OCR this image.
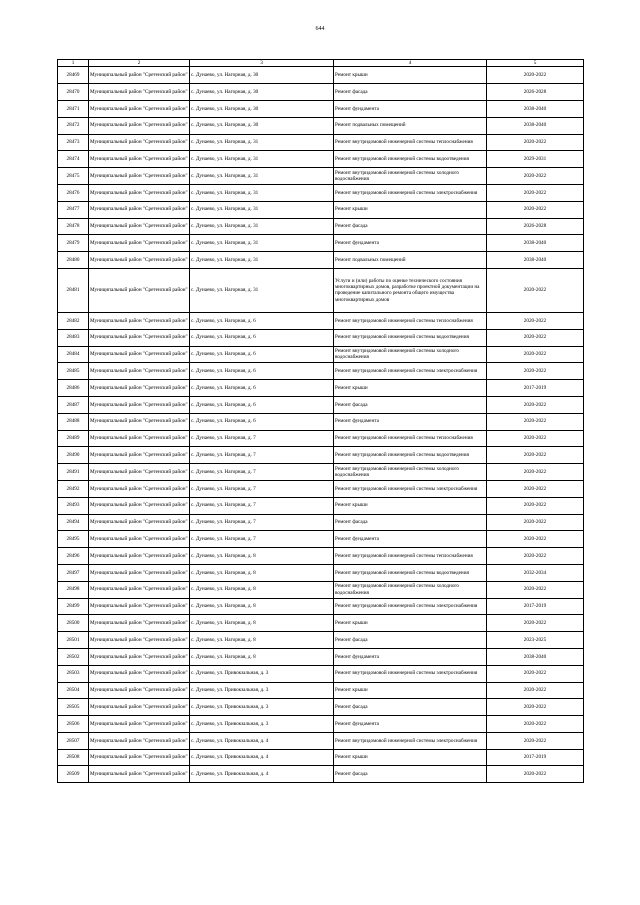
644
1	2	3	4	5
28469	Муниципальный район "Сретенский район"	с. Дунаево, ул. Нагорная, д. 30	Ремонт крыши	2020-2022
28470	Муниципальный район "Сретенский район"	с. Дунаево, ул. Нагорная, д. 30	Ремонт фасада	2026-2028
28471	Муниципальный район "Сретенский район"	с. Дунаево, ул. Нагорная, д. 30	Ремонт фундамента	2038-2040
28472	Муниципальный район "Сретенский район"	с. Дунаево, ул. Нагорная, д. 30	Ремонт подвальных помещений	2038-2040
28473	Муниципальный район "Сретенский район"	с. Дунаево, ул. Нагорная, д. 31	Ремонт внутридомовой инженерной системы теплоснабжения	2020-2022
28474	Муниципальный район "Сретенский район"	с. Дунаево, ул. Нагорная, д. 31	Ремонт внутридомовой инженерной системы водоотведения	2029-2031
28475	Муниципальный район "Сретенский район"	с. Дунаево, ул. Нагорная, д. 31	Ремонт внутридомовой инженерной системы холодного водоснабжения	2020-2022
28476	Муниципальный район "Сретенский район"	с. Дунаево, ул. Нагорная, д. 31	Ремонт внутридомовой инженерной системы электроснабжения	2020-2022
28477	Муниципальный район "Сретенский район"	с. Дунаево, ул. Нагорная, д. 31	Ремонт крыши	2020-2022
28478	Муниципальный район "Сретенский район"	с. Дунаево, ул. Нагорная, д. 31	Ремонт фасада	2026-2028
28479	Муниципальный район "Сретенский район"	с. Дунаево, ул. Нагорная, д. 31	Ремонт фундамента	2038-2040
28480	Муниципальный район "Сретенский район"	с. Дунаево, ул. Нагорная, д. 31	Ремонт подвальных помещений	2038-2040
28481	Муниципальный район "Сретенский район"	с. Дунаево, ул. Нагорная, д. 31	Услуги и (или) работы по оценке технического состояния многоквартирных домов, разработке проектной документации на проведение капитального ремонта общего имущества многоквартирных домов	2020-2022
28482	Муниципальный район "Сретенский район"	с. Дунаево, ул. Нагорная, д. 6	Ремонт внутридомовой инженерной системы теплоснабжения	2020-2022
28483	Муниципальный район "Сретенский район"	с. Дунаево, ул. Нагорная, д. 6	Ремонт внутридомовой инженерной системы водоотведения	2020-2022
28484	Муниципальный район "Сретенский район"	с. Дунаево, ул. Нагорная, д. 6	Ремонт внутридомовой инженерной системы холодного водоснабжения	2020-2022
28485	Муниципальный район "Сретенский район"	с. Дунаево, ул. Нагорная, д. 6	Ремонт внутридомовой инженерной системы электроснабжения	2020-2022
28486	Муниципальный район "Сретенский район"	с. Дунаево, ул. Нагорная, д. 6	Ремонт крыши	2017-2019
28487	Муниципальный район "Сретенский район"	с. Дунаево, ул. Нагорная, д. 6	Ремонт фасада	2020-2022
28488	Муниципальный район "Сретенский район"	с. Дунаево, ул. Нагорная, д. 6	Ремонт фундамента	2020-2022
28489	Муниципальный район "Сретенский район"	с. Дунаево, ул. Нагорная, д. 7	Ремонт внутридомовой инженерной системы теплоснабжения	2020-2022
28490	Муниципальный район "Сретенский район"	с. Дунаево, ул. Нагорная, д. 7	Ремонт внутридомовой инженерной системы водоотведения	2020-2022
28491	Муниципальный район "Сретенский район"	с. Дунаево, ул. Нагорная, д. 7	Ремонт внутридомовой инженерной системы холодного водоснабжения	2020-2022
28492	Муниципальный район "Сретенский район"	с. Дунаево, ул. Нагорная, д. 7	Ремонт внутридомовой инженерной системы электроснабжения	2020-2022
28493	Муниципальный район "Сретенский район"	с. Дунаево, ул. Нагорная, д. 7	Ремонт крыши	2020-2022
28494	Муниципальный район "Сретенский район"	с. Дунаево, ул. Нагорная, д. 7	Ремонт фасада	2020-2022
28495	Муниципальный район "Сретенский район"	с. Дунаево, ул. Нагорная, д. 7	Ремонт фундамента	2020-2022
28496	Муниципальный район "Сретенский район"	с. Дунаево, ул. Нагорная, д. 8	Ремонт внутридомовой инженерной системы теплоснабжения	2020-2022
28497	Муниципальный район "Сретенский район"	с. Дунаево, ул. Нагорная, д. 8	Ремонт внутридомовой инженерной системы водоотведения	2032-2034
28498	Муниципальный район "Сретенский район"	с. Дунаево, ул. Нагорная, д. 8	Ремонт внутридомовой инженерной системы холодного водоснабжения	2020-2022
28499	Муниципальный район "Сретенский район"	с. Дунаево, ул. Нагорная, д. 8	Ремонт внутридомовой инженерной системы электроснабжения	2017-2019
28500	Муниципальный район "Сретенский район"	с. Дунаево, ул. Нагорная, д. 8	Ремонт крыши	2020-2022
28501	Муниципальный район "Сретенский район"	с. Дунаево, ул. Нагорная, д. 8	Ремонт фасада	2023-2025
28502	Муниципальный район "Сретенский район"	с. Дунаево, ул. Нагорная, д. 8	Ремонт фундамента	2038-2040
28503	Муниципальный район "Сретенский район"	с. Дунаево, ул. Привокзальная, д. 3	Ремонт внутридомовой инженерной системы электроснабжения	2020-2022
28504	Муниципальный район "Сретенский район"	с. Дунаево, ул. Привокзальная, д. 3	Ремонт крыши	2020-2022
28505	Муниципальный район "Сретенский район"	с. Дунаево, ул. Привокзальная, д. 3	Ремонт фасада	2020-2022
28506	Муниципальный район "Сретенский район"	с. Дунаево, ул. Привокзальная, д. 3	Ремонт фундамента	2020-2022
28507	Муниципальный район "Сретенский район"	с. Дунаево, ул. Привокзальная, д. 4	Ремонт внутридомовой инженерной системы электроснабжения	2020-2022
28508	Муниципальный район "Сретенский район"	с. Дунаево, ул. Привокзальная, д. 4	Ремонт крыши	2017-2019
28509	Муниципальный район "Сретенский район"	с. Дунаево, ул. Привокзальная, д. 4	Ремонт фасада	2020-2022
